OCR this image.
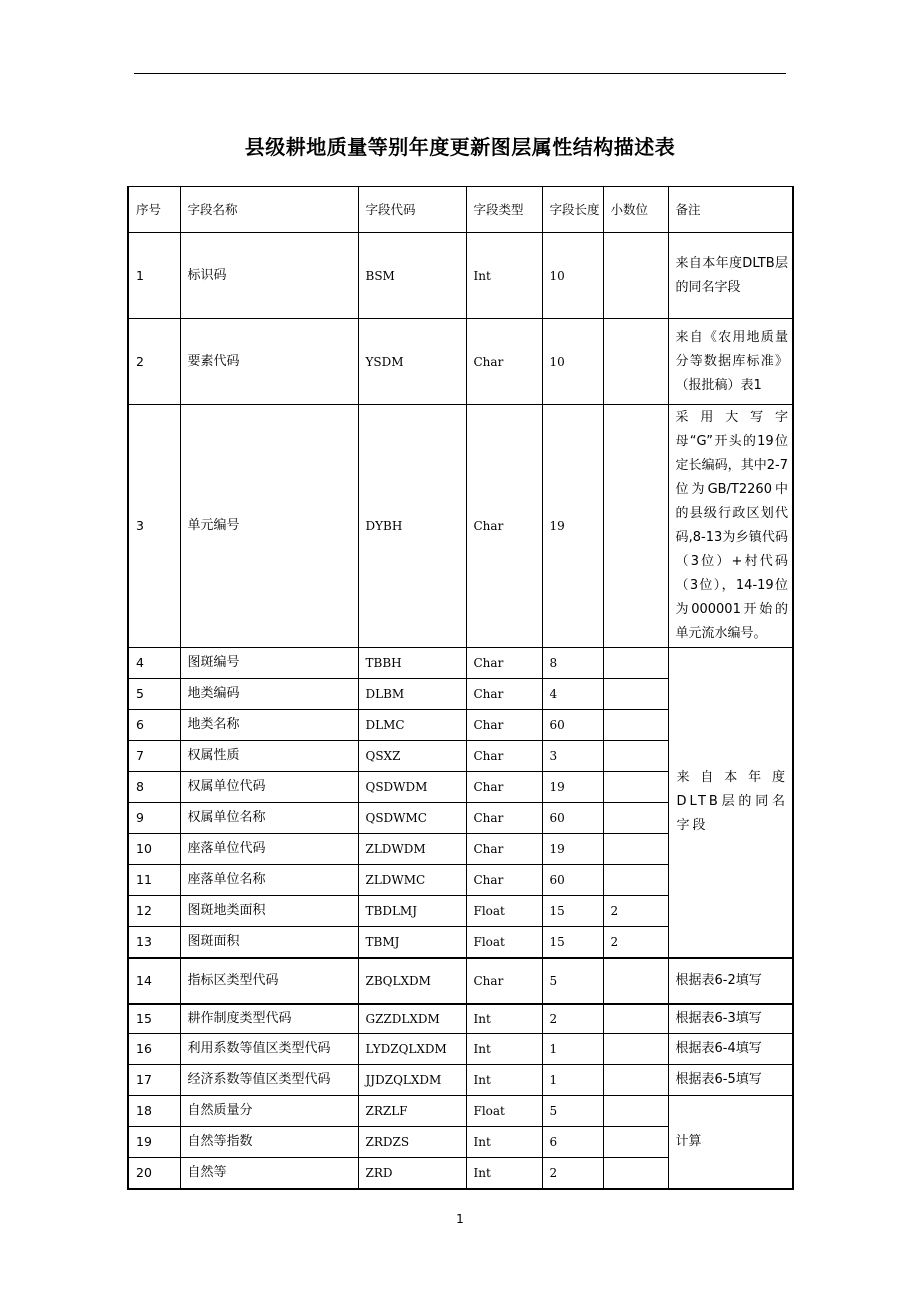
县级耕地质量等别年度更新图层属性结构描述表
序号	字段名称	字段代码	字段类型	字段长度	小数位	备注
1	标识码	BSM	Int	10		来自本年度DLTB层的同名字段
2	要素代码	YSDM	Char	10		来自《农用地质量分等数据库标准》（报批稿）表1
3	单元编号	DYBH	Char	19		采用大写字母“G”开头的19位定长编码，其中2-7位为GB/T2260中的县级行政区划代码,8-13为乡镇代码（3位）+村代码（3位），14-19位为000001开始的单元流水编号。
4	图斑编号	TBBH	Char	8		来自本年度DLTB层的同名字段
5	地类编码	DLBM	Char	4		
6	地类名称	DLMC	Char	60		
7	权属性质	QSXZ	Char	3		
8	权属单位代码	QSDWDM	Char	19		
9	权属单位名称	QSDWMC	Char	60		
10	座落单位代码	ZLDWDM	Char	19		
11	座落单位名称	ZLDWMC	Char	60		
12	图斑地类面积	TBDLMJ	Float	15	2	
13	图斑面积	TBMJ	Float	15	2	
14	指标区类型代码	ZBQLXDM	Char	5		根据表6-2填写
15	耕作制度类型代码	GZZDLXDM	Int	2		根据表6-3填写
16	利用系数等值区类型代码	LYDZQLXDM	Int	1		根据表6-4填写
17	经济系数等值区类型代码	JJDZQLXDM	Int	1		根据表6-5填写
18	自然质量分	ZRZLF	Float	5		计算
19	自然等指数	ZRDZS	Int	6		
20	自然等	ZRD	Int	2		
1
